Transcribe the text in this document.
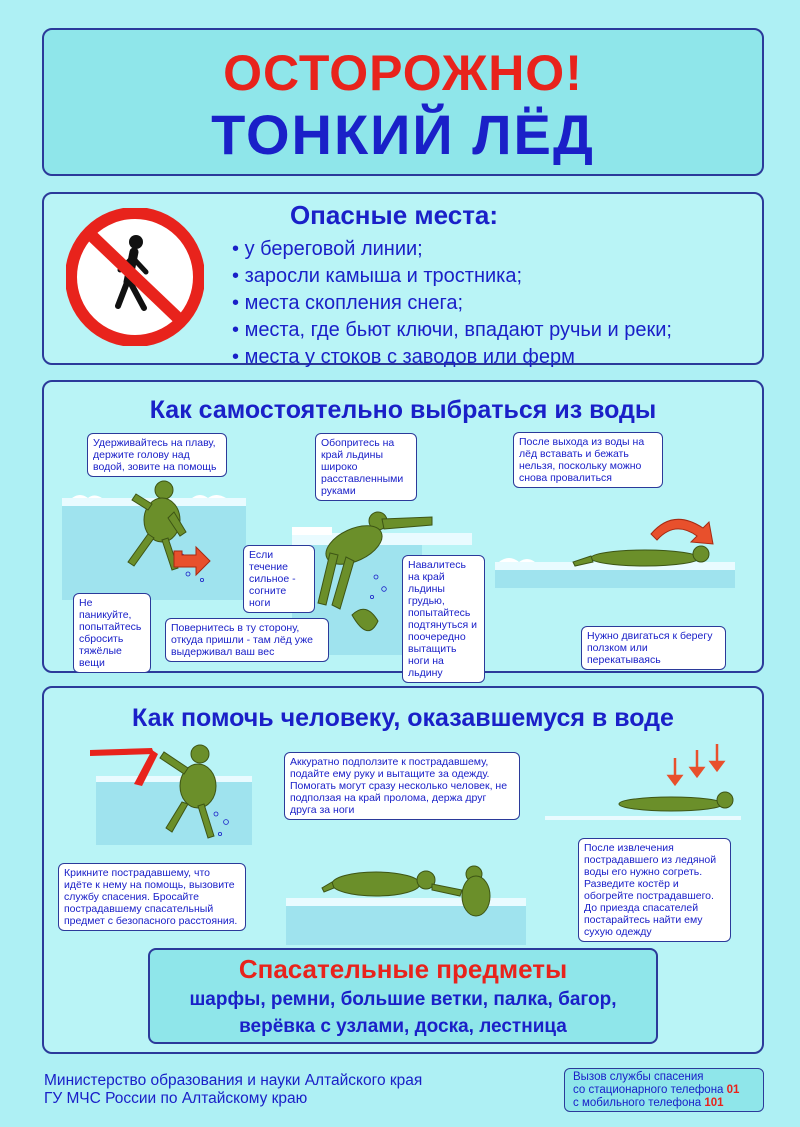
ОСТОРОЖНО!
ТОНКИЙ ЛЁД
Опасные места:
• у береговой линии;
• заросли камыша и тростника;
• места скопления снега;
• места, где бьют ключи, впадают ручьи и реки;
• места у стоков с заводов или ферм
Как самостоятельно выбраться из воды
Удерживайтесь на плаву, держите голову над водой, зовите на помощь
Не паникуйте, попытайтесь сбросить тяжёлые вещи
Повернитесь в ту сторону, откуда пришли - там лёд уже выдерживал ваш вес
Обопритесь на край льдины широко расставленными руками
Если течение сильное - согните ноги
Навалитесь на край льдины грудью, попытайтесь подтянуться и поочередно вытащить ноги на льдину
После выхода из воды на лёд вставать и бежать нельзя, поскольку можно снова провалиться
Нужно двигаться к берегу ползком или перекатываясь
Как помочь человеку, оказавшемуся в воде
Крикните пострадавшему, что идёте к нему на помощь, вызовите службу спасения. Бросайте пострадавшему спасательный предмет с безопасного расстояния.
Аккуратно подползите к пострадавшему, подайте ему руку и вытащите за одежду. Помогать могут сразу несколько человек, не подползая на край пролома, держа друг друга за ноги
После извлечения пострадавшего из ледяной воды его нужно согреть. Разведите костёр и обогрейте пострадавшего. До приезда спасателей постарайтесь найти ему сухую одежду
Спасательные предметы
шарфы, ремни, большие ветки, палка, багор,
верёвка с узлами, доска, лестница
Министерство образования и науки Алтайского края
ГУ МЧС России по Алтайскому краю
Вызов службы спасения
со стационарного телефона 01
с мобильного телефона 101
